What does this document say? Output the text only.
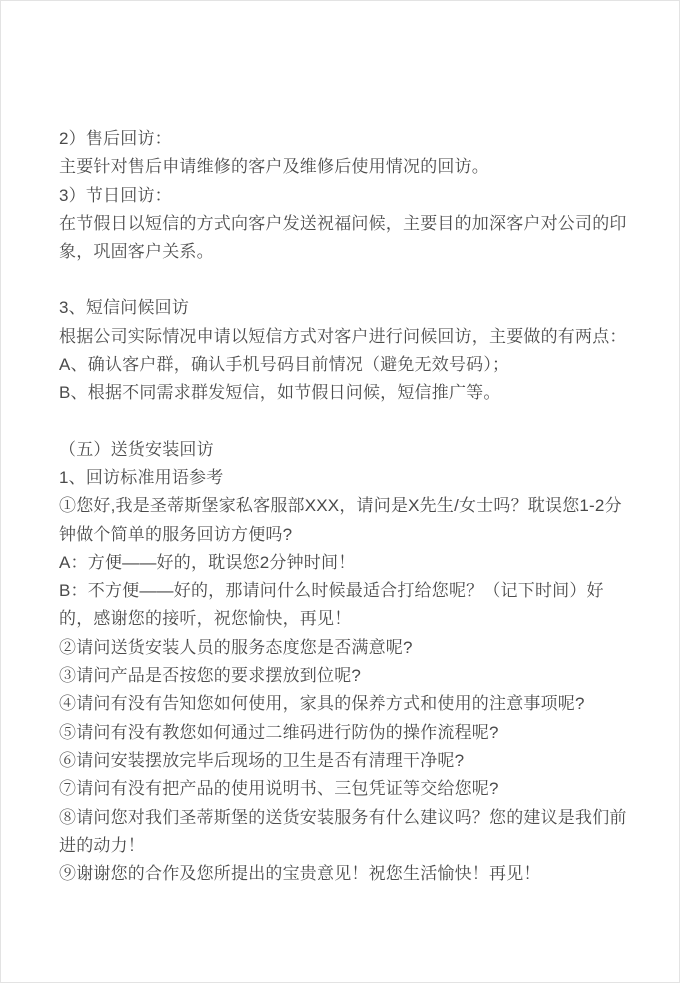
2）售后回访：

主要针对售后申请维修的客户及维修后使用情况的回访。

3）节日回访：

在节假日以短信的方式向客户发送祝福问候，主要目的加深客户对公司的印象，巩固客户关系。

3、短信问候回访

根据公司实际情况申请以短信方式对客户进行问候回访，主要做的有两点：

A、确认客户群，确认手机号码目前情况（避免无效号码）；

B、根据不同需求群发短信，如节假日问候，短信推广等。

（五）送货安装回访

1、回访标准用语参考

①您好,我是圣蒂斯堡家私客服部XXX，请问是X先生/女士吗？耽误您1-2分钟做个简单的服务回访方便吗?

A：方便——好的，耽误您2分钟时间！

B：不方便——好的，那请问什么时候最适合打给您呢？（记下时间）好的，感谢您的接听，祝您愉快，再见！

②请问送货安装人员的服务态度您是否满意呢?

③请问产品是否按您的要求摆放到位呢?

④请问有没有告知您如何使用，家具的保养方式和使用的注意事项呢?

⑤请问有没有教您如何通过二维码进行防伪的操作流程呢?

⑥请问安装摆放完毕后现场的卫生是否有清理干净呢?

⑦请问有没有把产品的使用说明书、三包凭证等交给您呢?

⑧请问您对我们圣蒂斯堡的送货安装服务有什么建议吗？您的建议是我们前进的动力！

⑨谢谢您的合作及您所提出的宝贵意见！祝您生活愉快！再见！
